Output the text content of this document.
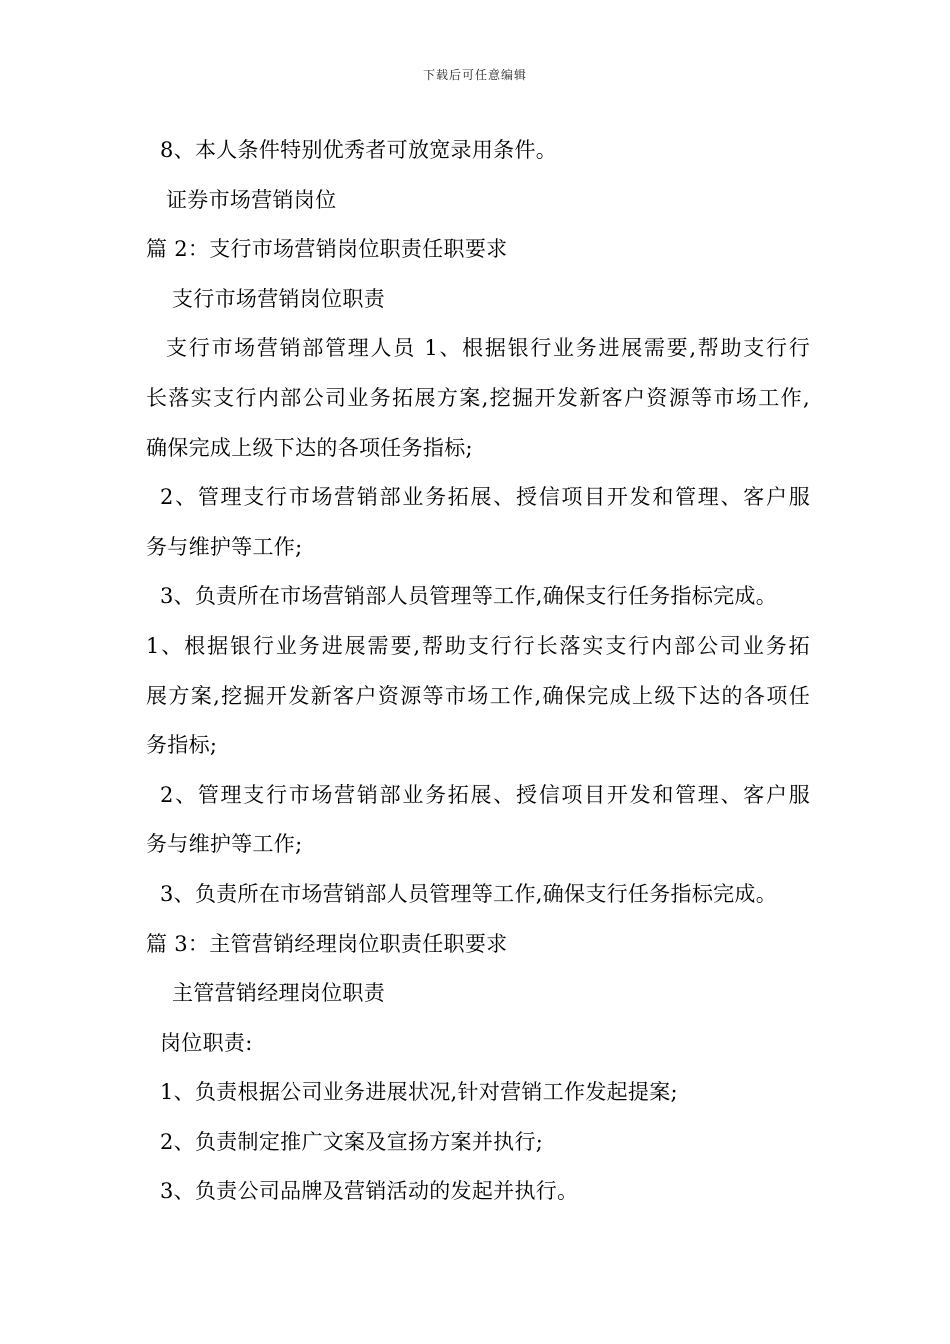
下载后可任意编辑
8、本人条件特别优秀者可放宽录用条件。
证券市场营销岗位
篇 2：支行市场营销岗位职责任职要求
支行市场营销岗位职责
支行市场营销部管理人员 1、根据银行业务进展需要,帮助支行行
长落实支行内部公司业务拓展方案,挖掘开发新客户资源等市场工作,
确保完成上级下达的各项任务指标;
2、管理支行市场营销部业务拓展、授信项目开发和管理、客户服
务与维护等工作;
3、负责所在市场营销部人员管理等工作,确保支行任务指标完成。
1、根据银行业务进展需要,帮助支行行长落实支行内部公司业务拓
展方案,挖掘开发新客户资源等市场工作,确保完成上级下达的各项任
务指标;
2、管理支行市场营销部业务拓展、授信项目开发和管理、客户服
务与维护等工作;
3、负责所在市场营销部人员管理等工作,确保支行任务指标完成。
篇 3：主管营销经理岗位职责任职要求
主管营销经理岗位职责
岗位职责:
1、负责根据公司业务进展状况,针对营销工作发起提案;
2、负责制定推广文案及宣扬方案并执行;
3、负责公司品牌及营销活动的发起并执行。
